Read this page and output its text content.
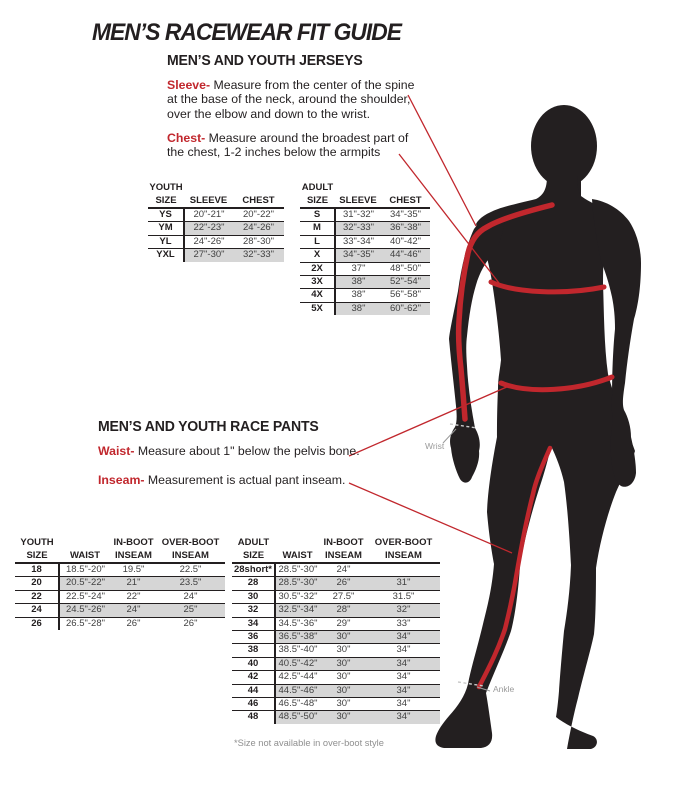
MEN’S RACEWEAR FIT GUIDE
MEN’S AND YOUTH JERSEYS
Sleeve- Measure from the center of the spine at the base of the neck, around the shoulder, over the elbow and down to the wrist.
Chest- Measure around the broadest part of the chest, 1-2 inches below the armpits
MEN’S AND YOUTH RACE PANTS
Waist- Measure about 1" below the pelvis bone.
Inseam- Measurement is actual pant inseam.
YOUTH		
SIZE	SLEEVE	CHEST
YS	20"-21"	20"-22"
YM	22"-23"	24"-26"
YL	24"-26"	28"-30"
YXL	27"-30"	32"-33"
ADULT		
SIZE	SLEEVE	CHEST
S	31"-32"	34"-35"
M	32"-33"	36"-38"
L	33"-34"	40"-42"
X	34"-35"	44"-46"
2X	37"	48"-50"
3X	38"	52"-54"
4X	38"	56"-58"
5X	38"	60"-62"
YOUTH		IN-BOOT	OVER-BOOT
SIZE	WAIST	INSEAM	INSEAM
18	18.5"-20"	19.5"	22.5"
20	20.5"-22"	21"	23.5"
22	22.5"-24"	22"	24"
24	24.5"-26"	24"	25"
26	26.5"-28"	26"	26"
ADULT		IN-BOOT	OVER-BOOT
SIZE	WAIST	INSEAM	INSEAM
28short*	28.5"-30"	24"	
28	28.5"-30"	26"	31"
30	30.5"-32"	27.5"	31.5"
32	32.5"-34"	28"	32"
34	34.5"-36"	29"	33"
36	36.5"-38"	30"	34"
38	38.5"-40"	30"	34"
40	40.5"-42"	30"	34"
42	42.5"-44"	30"	34"
44	44.5"-46"	30"	34"
46	46.5"-48"	30"	34"
48	48.5"-50"	30"	34"
*Size not available in over-boot style
Wrist
Ankle
